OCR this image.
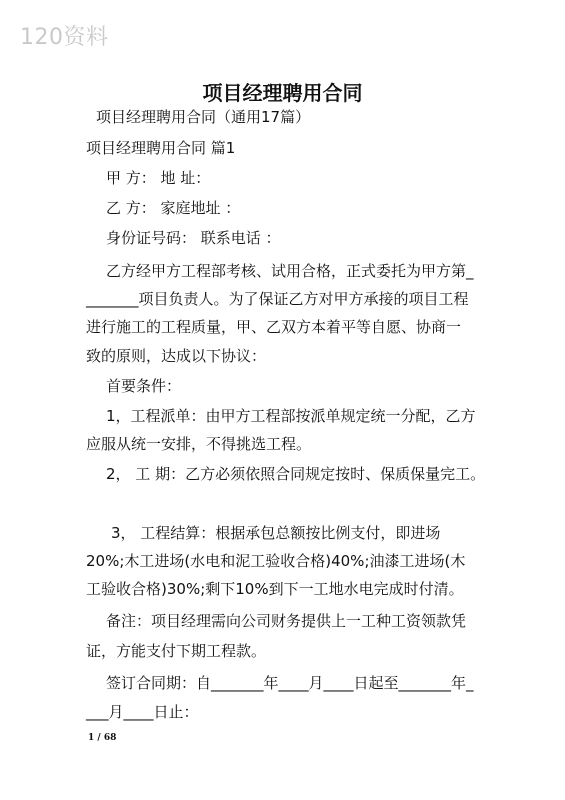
120资料
项目经理聘用合同
项目经理聘用合同（通用17篇）
项目经理聘用合同 篇1
甲 方： 地 址：
乙 方： 家庭地址 ：
身份证号码： 联系电话 ：
乙方经甲方工程部考核、试用合格，正式委托为甲方第_
_______项目负责人。为了保证乙方对甲方承接的项目工程
进行施工的工程质量，甲、乙双方本着平等自愿、协商一
致的原则，达成以下协议：
首要条件：
1，工程派单：由甲方工程部按派单规定统一分配，乙方
应服从统一安排，不得挑选工程。
2， 工 期：乙方必须依照合同规定按时、保质保量完工。
3， 工程结算：根据承包总额按比例支付，即进场
20%;木工进场(水电和泥工验收合格)40%;油漆工进场(木
工验收合格)30%;剩下10%到下一工地水电完成时付清。
备注：项目经理需向公司财务提供上一工种工资领款凭
证，方能支付下期工程款。
签订合同期：自_______年____月____日起至_______年_
___月____日止：
1 / 68
